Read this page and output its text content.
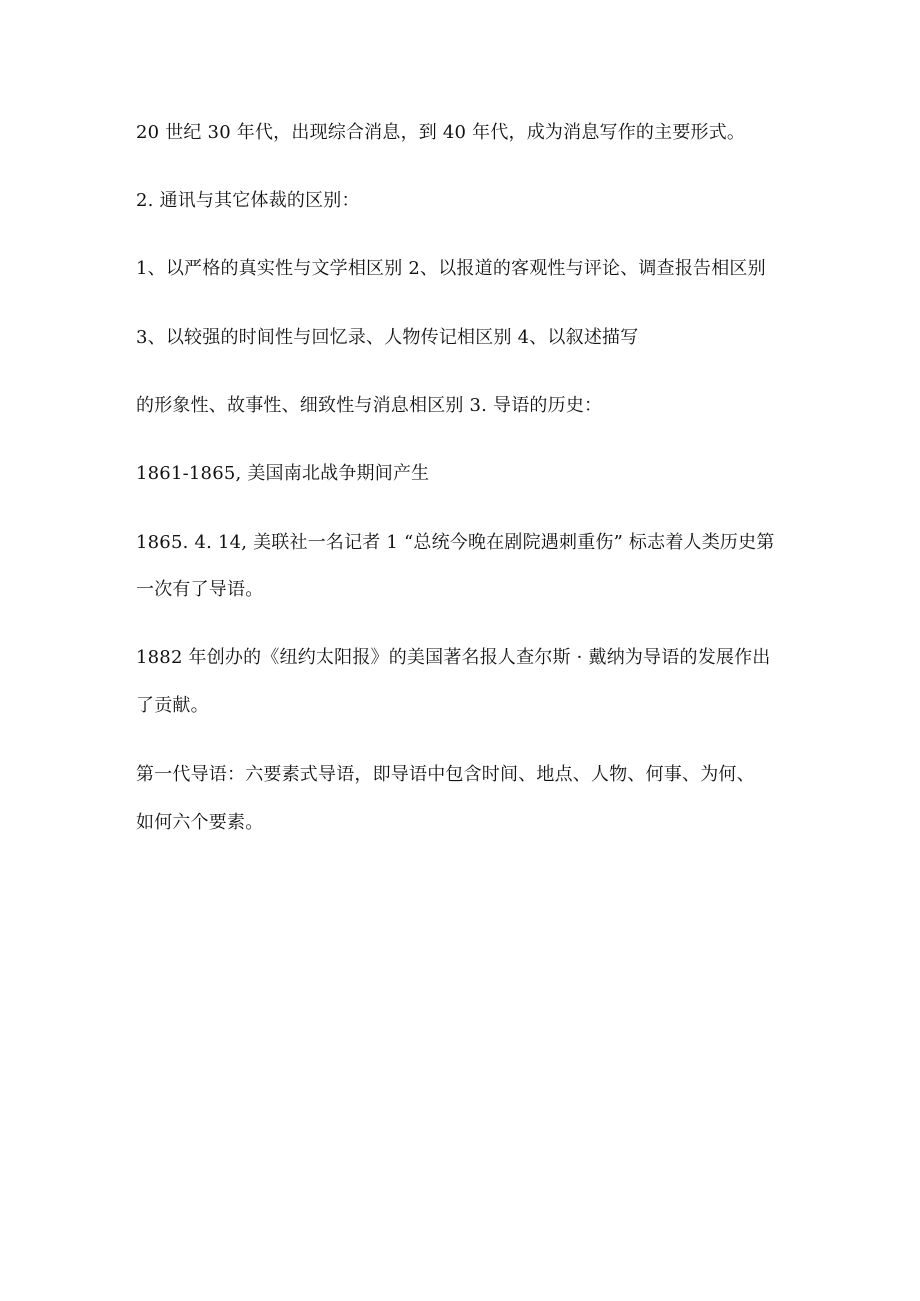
20 世纪 30 年代，出现综合消息，到 40 年代，成为消息写作的主要形式。
2. 通讯与其它体裁的区别：
1、以严格的真实性与文学相区别 2、以报道的客观性与评论、调查报告相区别
3、以较强的时间性与回忆录、人物传记相区别 4、以叙述描写
的形象性、故事性、细致性与消息相区别 3. 导语的历史：
1861-1865, 美国南北战争期间产生
1865. 4. 14, 美联社一名记者 1 “总统今晚在剧院遇刺重伤” 标志着人类历史第
一次有了导语。
1882 年创办的《纽约太阳报》的美国著名报人查尔斯 · 戴纳为导语的发展作出
了贡献。
第一代导语：六要素式导语，即导语中包含时间、地点、人物、何事、为何、
如何六个要素。
